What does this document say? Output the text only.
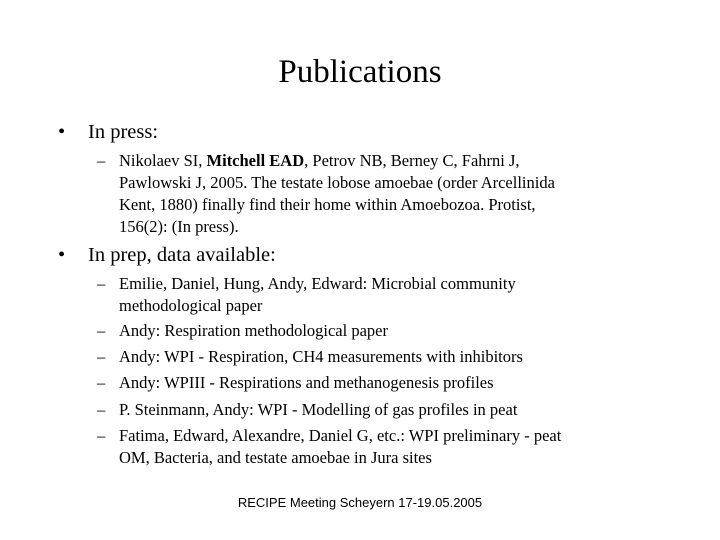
Publications
• In press:
– Nikolaev SI, Mitchell EAD, Petrov NB, Berney C, Fahrni J,
Pawlowski J, 2005. The testate lobose amoebae (order Arcellinida
Kent, 1880) finally find their home within Amoebozoa. Protist,
156(2): (In press).
• In prep, data available:
– Emilie, Daniel, Hung, Andy, Edward: Microbial community
methodological paper
– Andy: Respiration methodological paper
– Andy: WPI - Respiration, CH4 measurements with inhibitors
– Andy: WPIII - Respirations and methanogenesis profiles
– P. Steinmann, Andy: WPI - Modelling of gas profiles in peat
– Fatima, Edward, Alexandre, Daniel G, etc.: WPI preliminary - peat
OM, Bacteria, and testate amoebae in Jura sites
RECIPE Meeting Scheyern 17-19.05.2005
